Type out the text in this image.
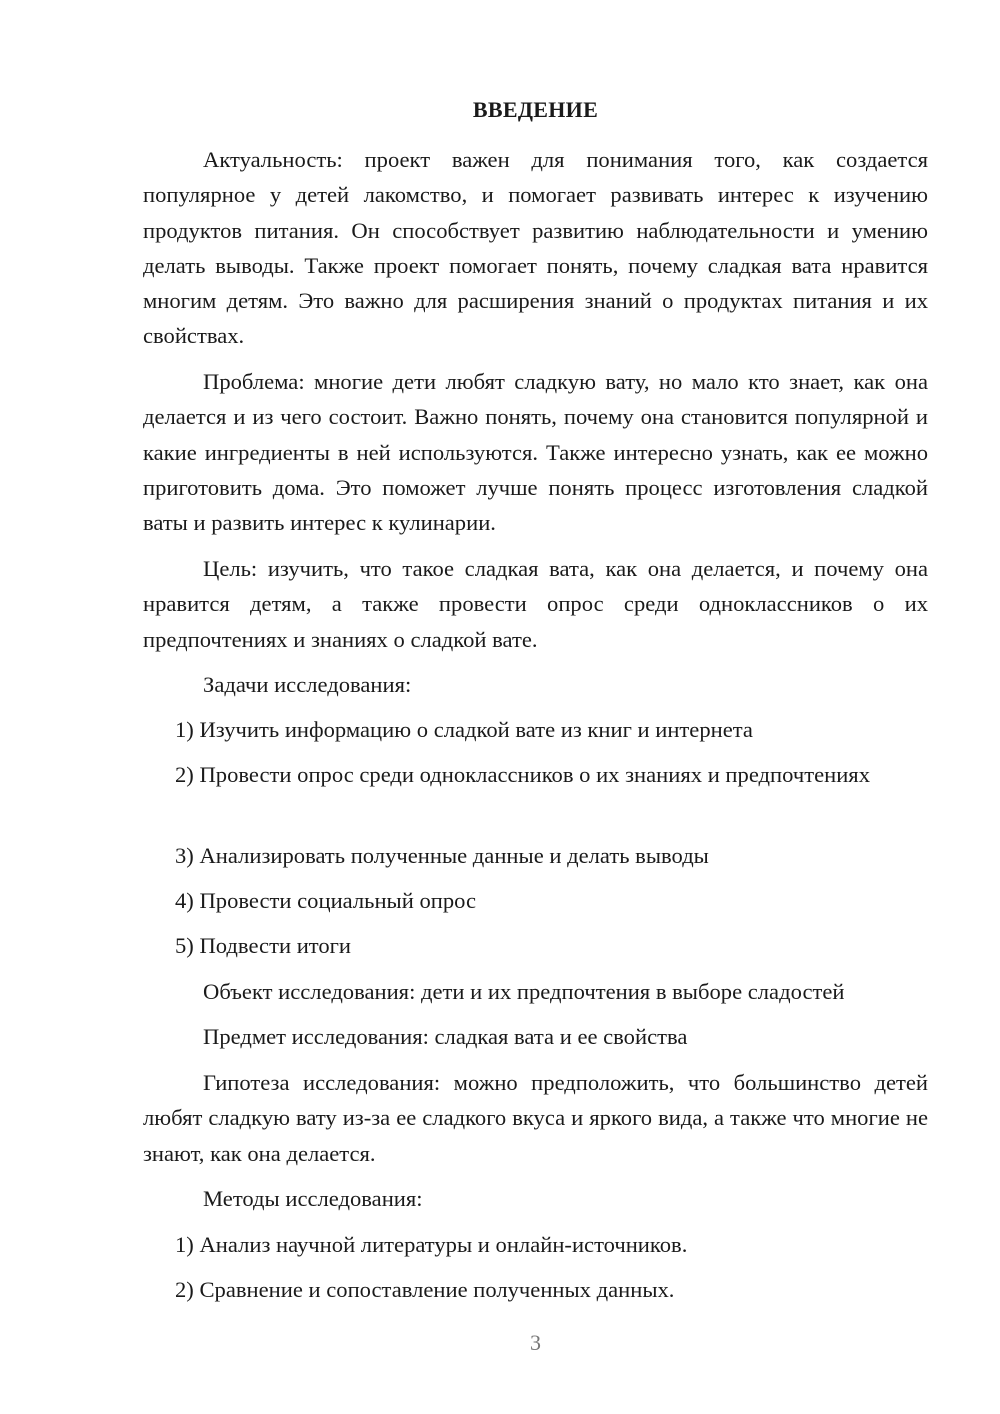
ВВЕДЕНИЕ

Актуальность: проект важен для понимания того, как создается популярное у детей лакомство, и помогает развивать интерес к изучению продуктов питания. Он способствует развитию наблюдательности и умению делать выводы. Также проект помогает понять, почему сладкая вата нравится многим детям. Это важно для расширения знаний о продуктах питания и их свойствах.

Проблема: многие дети любят сладкую вату, но мало кто знает, как она делается и из чего состоит. Важно понять, почему она становится популярной и какие ингредиенты в ней используются. Также интересно узнать, как ее можно приготовить дома. Это поможет лучше понять процесс изготовления сладкой ваты и развить интерес к кулинарии.

Цель: изучить, что такое сладкая вата, как она делается, и почему она нравится детям, а также провести опрос среди одноклассников о их предпочтениях и знаниях о сладкой вате.

Задачи исследования:

1) Изучить информацию о сладкой вате из книг и интернета

2) Провести опрос среди одноклассников о их знаниях и предпочтениях

3) Анализировать полученные данные и делать выводы

4) Провести социальный опрос

5) Подвести итоги

Объект исследования: дети и их предпочтения в выборе сладостей

Предмет исследования: сладкая вата и ее свойства

Гипотеза исследования: можно предположить, что большинство детей любят сладкую вату из-за ее сладкого вкуса и яркого вида, а также что многие не знают, как она делается.

Методы исследования:

1) Анализ научной литературы и онлайн-источников.

2) Сравнение и сопоставление полученных данных.

3
